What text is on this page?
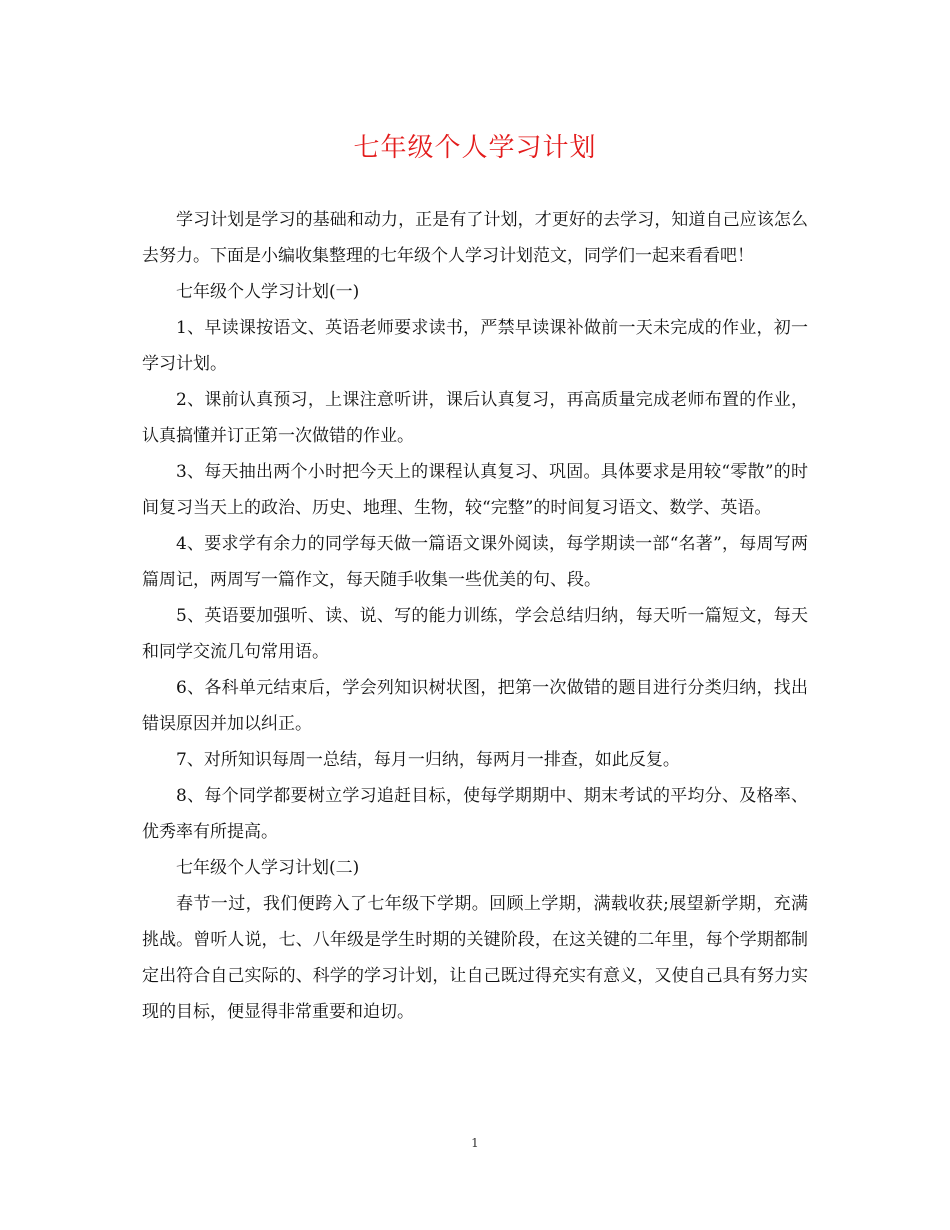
七年级个人学习计划

学习计划是学习的基础和动力，正是有了计划，才更好的去学习，知道自己应该怎么去努力。下面是小编收集整理的七年级个人学习计划范文，同学们一起来看看吧！

七年级个人学习计划(一)

1、早读课按语文、英语老师要求读书，严禁早读课补做前一天未完成的作业，初一学习计划。

2、课前认真预习，上课注意听讲，课后认真复习，再高质量完成老师布置的作业，认真搞懂并订正第一次做错的作业。

3、每天抽出两个小时把今天上的课程认真复习、巩固。具体要求是用较“零散”的时间复习当天上的政治、历史、地理、生物，较“完整”的时间复习语文、数学、英语。

4、要求学有余力的同学每天做一篇语文课外阅读，每学期读一部“名著”，每周写两篇周记，两周写一篇作文，每天随手收集一些优美的句、段。

5、英语要加强听、读、说、写的能力训练，学会总结归纳，每天听一篇短文，每天和同学交流几句常用语。

6、各科单元结束后，学会列知识树状图，把第一次做错的题目进行分类归纳，找出错误原因并加以纠正。

7、对所知识每周一总结，每月一归纳，每两月一排查，如此反复。

8、每个同学都要树立学习追赶目标，使每学期期中、期末考试的平均分、及格率、优秀率有所提高。

七年级个人学习计划(二)

春节一过，我们便跨入了七年级下学期。回顾上学期，满载收获;展望新学期，充满挑战。曾听人说，七、八年级是学生时期的关键阶段，在这关键的二年里，每个学期都制定出符合自己实际的、科学的学习计划，让自己既过得充实有意义，又使自己具有努力实现的目标，便显得非常重要和迫切。

1
